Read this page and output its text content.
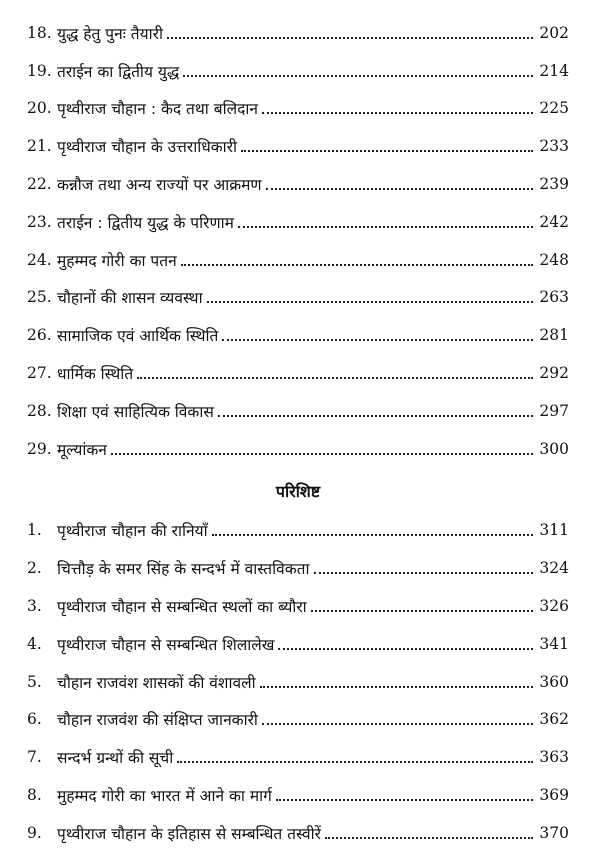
18. युद्ध हेतु पुनः तैयारी	202
19. तराईन का द्वितीय युद्ध	214
20. पृथ्वीराज चौहान : कैद तथा बलिदान	225
21. पृथ्वीराज चौहान के उत्तराधिकारी	233
22. कन्नौज तथा अन्य राज्यों पर आक्रमण	239
23. तराईन : द्वितीय युद्ध के परिणाम	242
24. मुहम्मद गोरी का पतन	248
25. चौहानों की शासन व्यवस्था	263
26. सामाजिक एवं आर्थिक स्थिति	281
27. धार्मिक स्थिति	292
28. शिक्षा एवं साहित्यिक विकास	297
29. मूल्यांकन	300
परिशिष्ट
1. पृथ्वीराज चौहान की रानियाँ	311
2. चित्तौड़ के समर सिंह के सन्दर्भ में वास्तविकता	324
3. पृथ्वीराज चौहान से सम्बन्धित स्थलों का ब्यौरा	326
4. पृथ्वीराज चौहान से सम्बन्धित शिलालेख	341
5. चौहान राजवंश शासकों की वंशावली	360
6. चौहान राजवंश की संक्षिप्त जानकारी	362
7. सन्दर्भ ग्रन्थों की सूची	363
8. मुहम्मद गोरी का भारत में आने का मार्ग	369
9. पृथ्वीराज चौहान के इतिहास से सम्बन्धित तस्वीरें	370
